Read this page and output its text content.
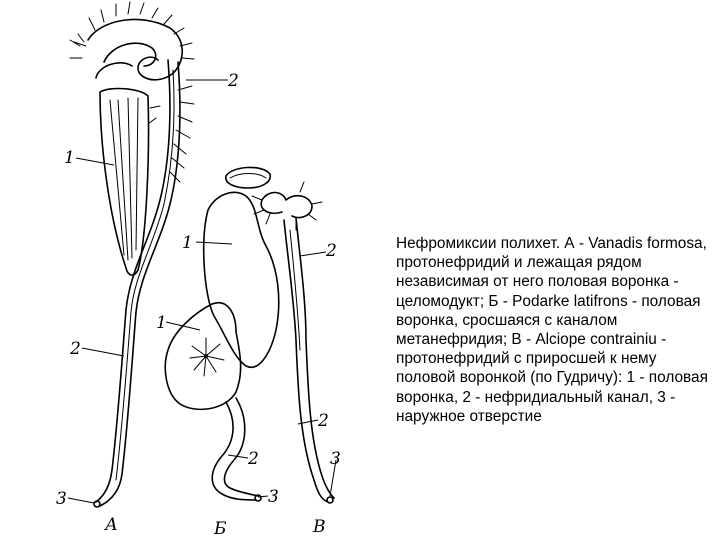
1
2
2
3
А
1	2
2
3
В
1
2
3
Б
Нефромиксии полихет. А - Vanadis formosa, протонефридий и лежащая рядом независимая от него половая воронка - целомодукт; Б - Podarke latifrons - половая воронка, сросшаяся с каналом метанефридия; В - Alciope contrainiu - протонефридий с приросшей к нему половой воронкой (по Гудричу): 1 - половая воронка, 2 - нефридиальный канал, 3 - наружное отверстие
